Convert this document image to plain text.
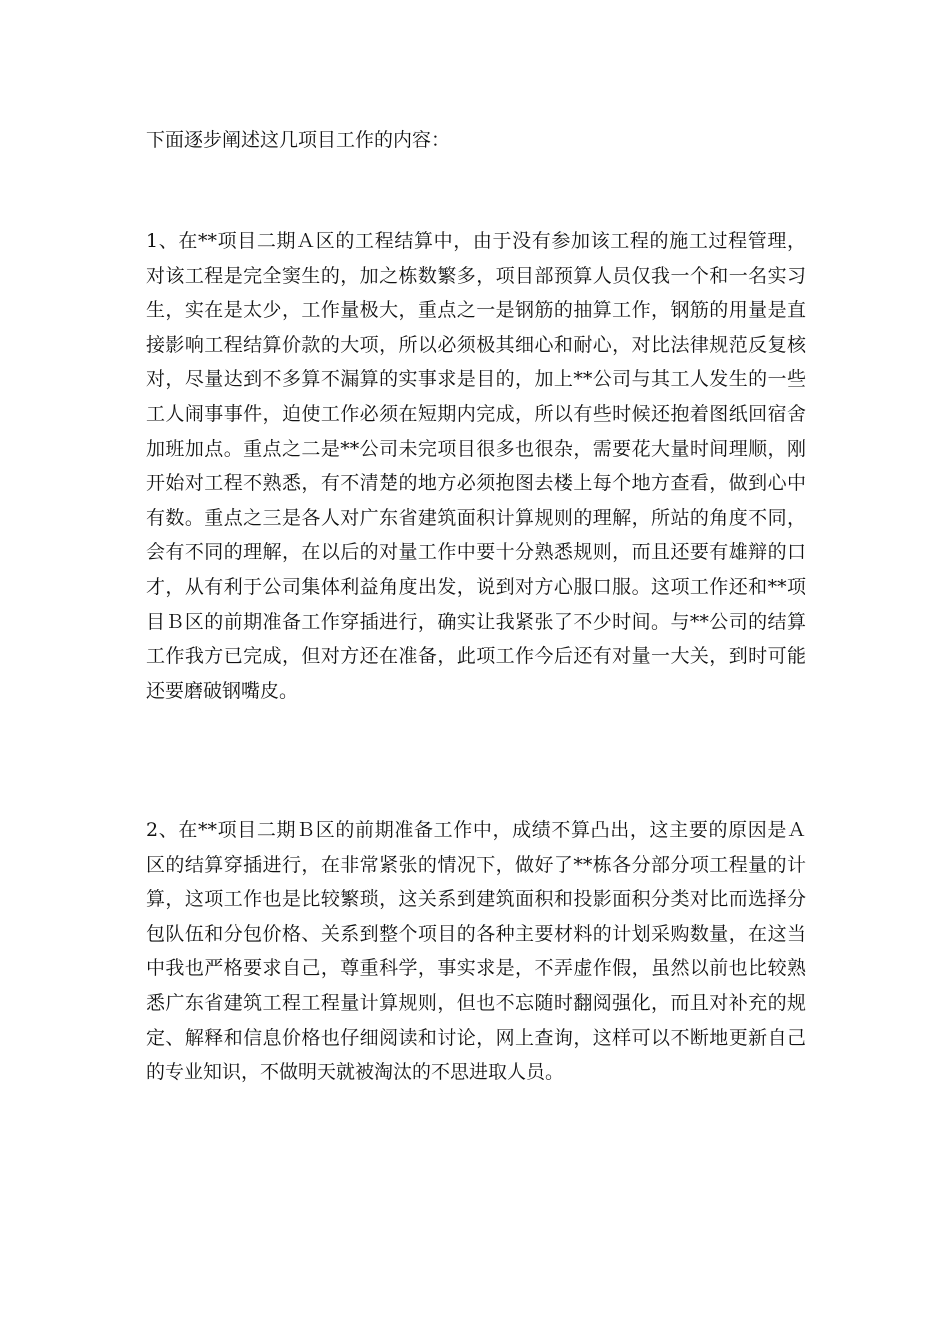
下面逐步阐述这几项目工作的内容：

1、在**项目二期Ａ区的工程结算中，由于没有参加该工程的施工过程管理，
对该工程是完全窦生的，加之栋数繁多，项目部预算人员仅我一个和一名实习
生，实在是太少，工作量极大，重点之一是钢筋的抽算工作，钢筋的用量是直
接影响工程结算价款的大项，所以必须极其细心和耐心，对比法律规范反复核
对，尽量达到不多算不漏算的实事求是目的，加上**公司与其工人发生的一些
工人闹事事件，迫使工作必须在短期内完成，所以有些时候还抱着图纸回宿舍
加班加点。重点之二是**公司未完项目很多也很杂，需要花大量时间理顺，刚
开始对工程不熟悉，有不清楚的地方必须抱图去楼上每个地方查看，做到心中
有数。重点之三是各人对广东省建筑面积计算规则的理解，所站的角度不同，
会有不同的理解，在以后的对量工作中要十分熟悉规则，而且还要有雄辩的口
才，从有利于公司集体利益角度出发，说到对方心服口服。这项工作还和**项
目Ｂ区的前期准备工作穿插进行，确实让我紧张了不少时间。与**公司的结算
工作我方已完成，但对方还在准备，此项工作今后还有对量一大关，到时可能
还要磨破钢嘴皮。
2、在**项目二期Ｂ区的前期准备工作中，成绩不算凸出，这主要的原因是Ａ
区的结算穿插进行，在非常紧张的情况下，做好了**栋各分部分项工程量的计
算，这项工作也是比较繁琐，这关系到建筑面积和投影面积分类对比而选择分
包队伍和分包价格、关系到整个项目的各种主要材料的计划采购数量，在这当
中我也严格要求自己，尊重科学，事实求是，不弄虚作假，虽然以前也比较熟
悉广东省建筑工程工程量计算规则，但也不忘随时翻阅强化，而且对补充的规
定、解释和信息价格也仔细阅读和讨论，网上查询，这样可以不断地更新自己
的专业知识，不做明天就被淘汰的不思进取人员。
